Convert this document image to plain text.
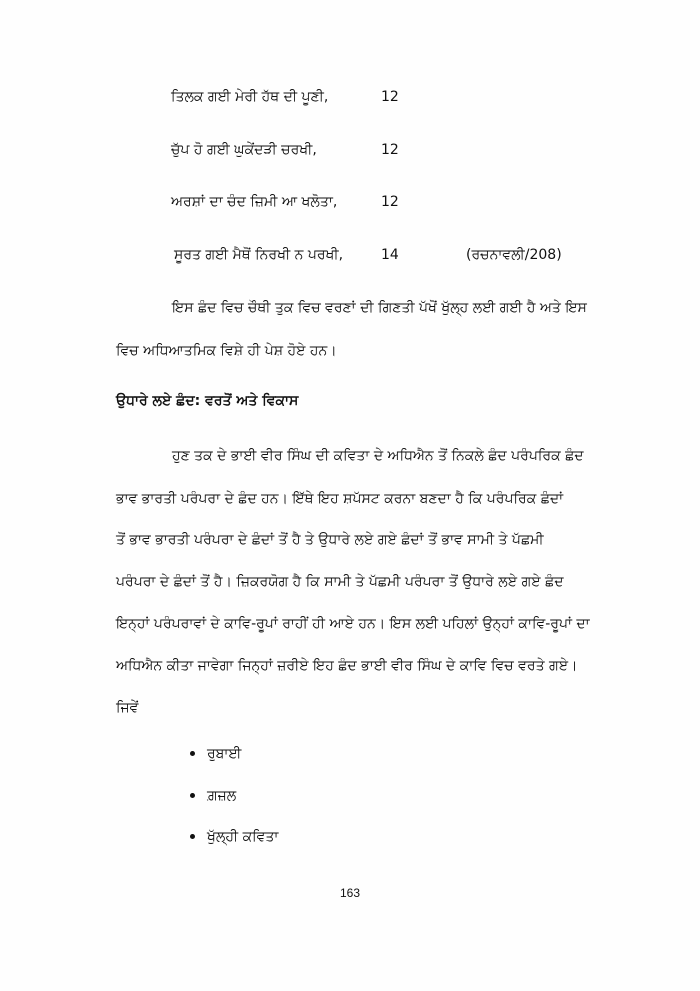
ਤਿਲਕ ਗਈ ਮੇਰੀ ਹੱਥ ਦੀ ਪੂਣੀ,	12
ਚੁੱਪ ਹੋ ਗਈ ਘੁਕੇਂਦੜੀ ਚਰਖੀ,	12
ਅਰਸ਼ਾਂ ਦਾ ਚੰਦ ਜ਼ਿਮੀ ਆ ਖਲੋਤਾ,	12
ਸੂਰਤ ਗਈ ਮੈਥੋਂ ਨਿਰਖੀ ਨ ਪਰਖੀ,	14	(ਰਚਨਾਵਲੀ/208)
ਇਸ ਛੰਦ ਵਿਚ ਚੌਥੀ ਤੁਕ ਵਿਚ ਵਰਣਾਂ ਦੀ ਗਿਣਤੀ ਪੱਖੋਂ ਖੁੱਲ੍ਹ ਲਈ ਗਈ ਹੈ ਅਤੇ ਇਸ
ਵਿਚ ਅਧਿਆਤਮਿਕ ਵਿਸ਼ੇ ਹੀ ਪੇਸ਼ ਹੋਏ ਹਨ।
ਉਧਾਰੇ ਲਏ ਛੰਦ: ਵਰਤੋਂ ਅਤੇ ਵਿਕਾਸ
ਹੁਣ ਤਕ ਦੇ ਭਾਈ ਵੀਰ ਸਿੰਘ ਦੀ ਕਵਿਤਾ ਦੇ ਅਧਿਐਨ ਤੋਂ ਨਿਕਲੇ ਛੰਦ ਪਰੰਪਰਿਕ ਛੰਦ
ਭਾਵ ਭਾਰਤੀ ਪਰੰਪਰਾ ਦੇ ਛੰਦ ਹਨ। ਇੱਥੇ ਇਹ ਸ਼ਪੱਸਟ ਕਰਨਾ ਬਣਦਾ ਹੈ ਕਿ ਪਰੰਪਰਿਕ ਛੰਦਾਂ
ਤੋਂ ਭਾਵ ਭਾਰਤੀ ਪਰੰਪਰਾ ਦੇ ਛੰਦਾਂ ਤੋਂ ਹੈ ਤੇ ਉਧਾਰੇ ਲਏ ਗਏ ਛੰਦਾਂ ਤੋਂ ਭਾਵ ਸਾਮੀ ਤੇ ਪੱਛਮੀ
ਪਰੰਪਰਾ ਦੇ ਛੰਦਾਂ ਤੋਂ ਹੈ। ਜ਼ਿਕਰਯੋਗ ਹੈ ਕਿ ਸਾਮੀ ਤੇ ਪੱਛਮੀ ਪਰੰਪਰਾ ਤੋਂ ਉਧਾਰੇ ਲਏ ਗਏ ਛੰਦ
ਇਨ੍ਹਾਂ ਪਰੰਪਰਾਵਾਂ ਦੇ ਕਾਵਿ-ਰੂਪਾਂ ਰਾਹੀਂ ਹੀ ਆਏ ਹਨ। ਇਸ ਲਈ ਪਹਿਲਾਂ ਉਨ੍ਹਾਂ ਕਾਵਿ-ਰੂਪਾਂ ਦਾ
ਅਧਿਐਨ ਕੀਤਾ ਜਾਵੇਗਾ ਜਿਨ੍ਹਾਂ ਜ਼ਰੀਏ ਇਹ ਛੰਦ ਭਾਈ ਵੀਰ ਸਿੰਘ ਦੇ ਕਾਵਿ ਵਿਚ ਵਰਤੇ ਗਏ।
ਜਿਵੇਂ
ਰੁਬਾਈ
ਗ਼ਜ਼ਲ
ਖੁੱਲ੍ਹੀ ਕਵਿਤਾ
163
